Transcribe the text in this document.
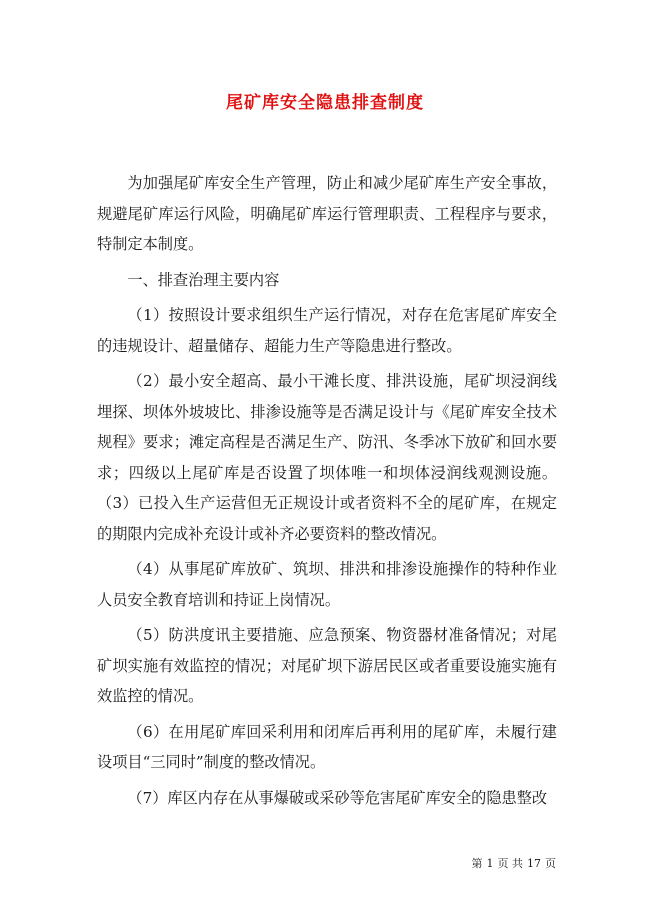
尾矿库安全隐患排查制度

为加强尾矿库安全生产管理，防止和减少尾矿库生产安全事故，规避尾矿库运行风险，明确尾矿库运行管理职责、工程程序与要求，特制定本制度。

一、排查治理主要内容

（1）按照设计要求组织生产运行情况，对存在危害尾矿库安全的违规设计、超量储存、超能力生产等隐患进行整改。

（2）最小安全超高、最小干滩长度、排洪设施，尾矿坝浸润线埋探、坝体外坡坡比、排渗设施等是否满足设计与《尾矿库安全技术规程》要求；滩定高程是否满足生产、防汛、冬季冰下放矿和回水要求；四级以上尾矿库是否设置了坝体唯一和坝体浸润线观测设施。（3）已投入生产运营但无正规设计或者资料不全的尾矿库，在规定的期限内完成补充设计或补齐必要资料的整改情况。

（4）从事尾矿库放矿、筑坝、排洪和排渗设施操作的特种作业人员安全教育培训和持证上岗情况。

（5）防洪度讯主要措施、应急预案、物资器材准备情况；对尾矿坝实施有效监控的情况；对尾矿坝下游居民区或者重要设施实施有效监控的情况。

（6）在用尾矿库回采利用和闭库后再利用的尾矿库，未履行建设项目“三同时”制度的整改情况。

（7）库区内存在从事爆破或采砂等危害尾矿库安全的隐患整改

第 1 页 共 17 页
